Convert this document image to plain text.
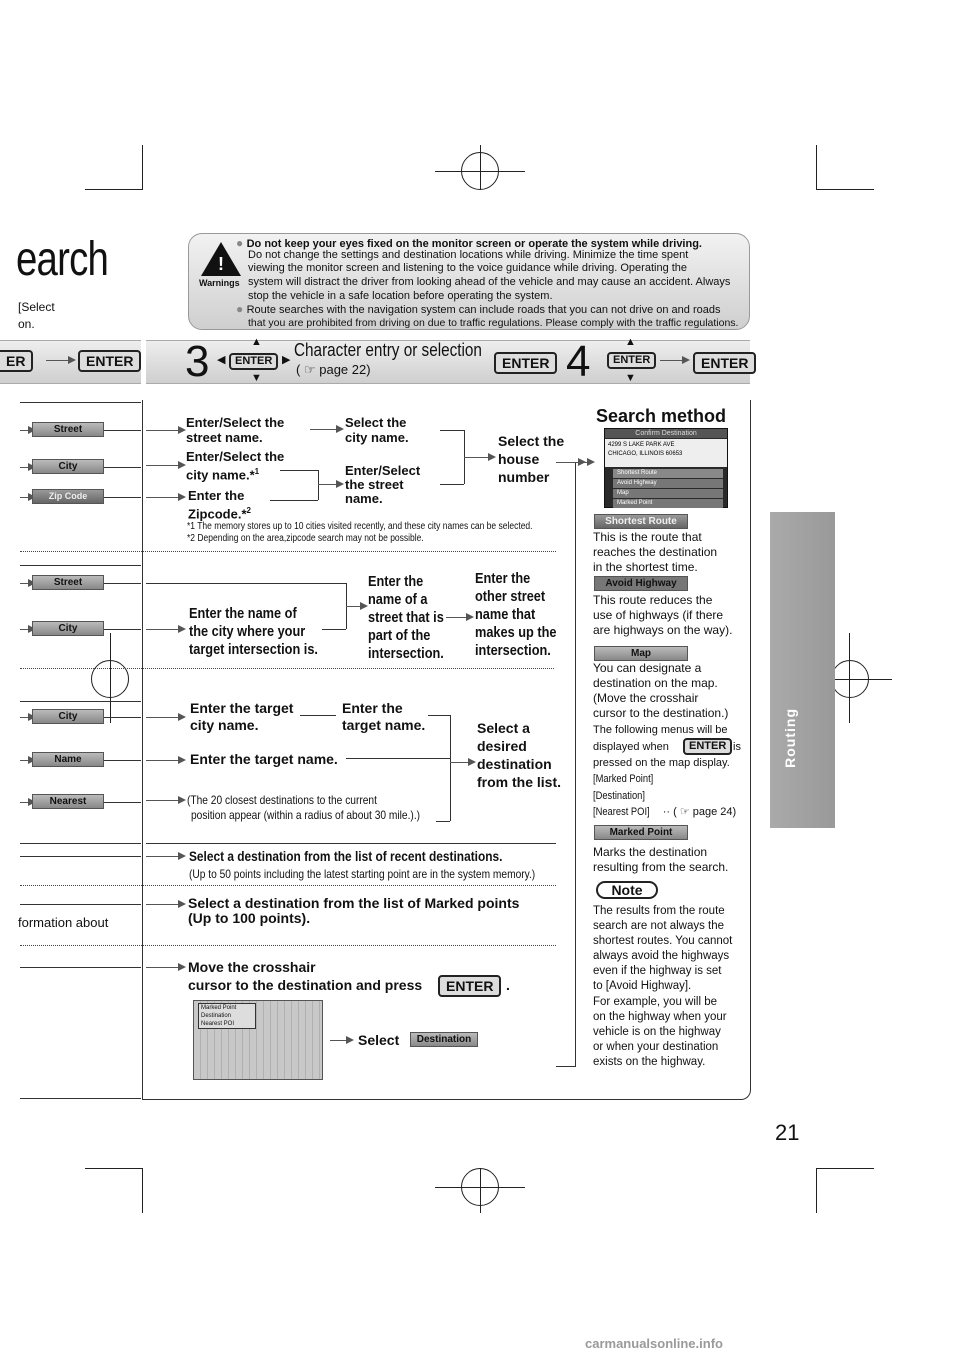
earch
[Select
on.
!
Warnings
● Do not keep your eyes fixed on the monitor screen or operate the system while driving.
Do not change the settings and destination locations while driving. Minimize the time spent
viewing the monitor screen and listening to the voice guidance while driving. Operating the
system will distract the driver from looking ahead of the vehicle and may cause an accident. Always
stop the vehicle in a safe location before operating the system.
● Route searches with the navigation system can include roads that you can not drive on and roads
that you are prohibited from driving on due to traffic regulations. Please comply with the traffic regulations.
ER	ENTER 3	ENTER
▲
▼
◀	▶ Character entry or selection
( ☞ page 22)	ENTER 4	ENTER
▲
▼
ENTER
Street
City
Zip Code
Enter/Select the
street name.
Select the
city name.
Enter/Select the
city name.*$^1$
Enter the
Zipcode.*$^2$
Enter/Select
the street
name.
Select the
house
number
*1 The memory stores up to 10 cities visited recently, and these city names can be selected.
*2 Depending on the area,zipcode search may not be possible.
Street
City
Enter the name of
the city where your
target intersection is.
Enter the
name of a
street that is
part of the
intersection.
Enter the
other street
name that
makes up the
intersection.
City
Name
Nearest
Enter the target
city name.
Enter the
target name.
Enter the target name.
(The 20 closest destinations to the current
position appear (within a radius of about 30 mile.).)
Select a
desired
destination
from the list.
Select a destination from the list of recent destinations.
(Up to 50 points including the latest starting point are in the system memory.)
formation about
Select a destination from the list of Marked points
(Up to 100 points).
Move the crosshair
cursor to the destination and press	ENTER .
Marked Point
Destination
Nearest POI
Select	Destination
Search method
Confirm Destination
4299 S LAKE PARK AVE
CHICAGO, ILLINOIS 60653
Shortest Route
Avoid Highway
Map
Marked Point
Shortest Route
This is the route that
reaches the destination
in the shortest time.
Avoid Highway
This route reduces the
use of highways (if there
are highways on the way).
Map
You can designate a
destination on the map.
(Move the crosshair
cursor to the destination.)
The following menus will be
displayed when	ENTER is
pressed on the map display.
[Marked Point]
[Destination]
[Nearest POI] ·· ( ☞ page 24)
Marked Point
Marks the destination
resulting from the search.
Note
The results from the route
search are not always the
shortest routes. You cannot
always avoid the highways
even if the highway is set
to [Avoid Highway].
For example, you will be
on the highway when your
vehicle is on the highway
or when your destination
exists on the highway.
Routing
21
carmanualsonline.info
